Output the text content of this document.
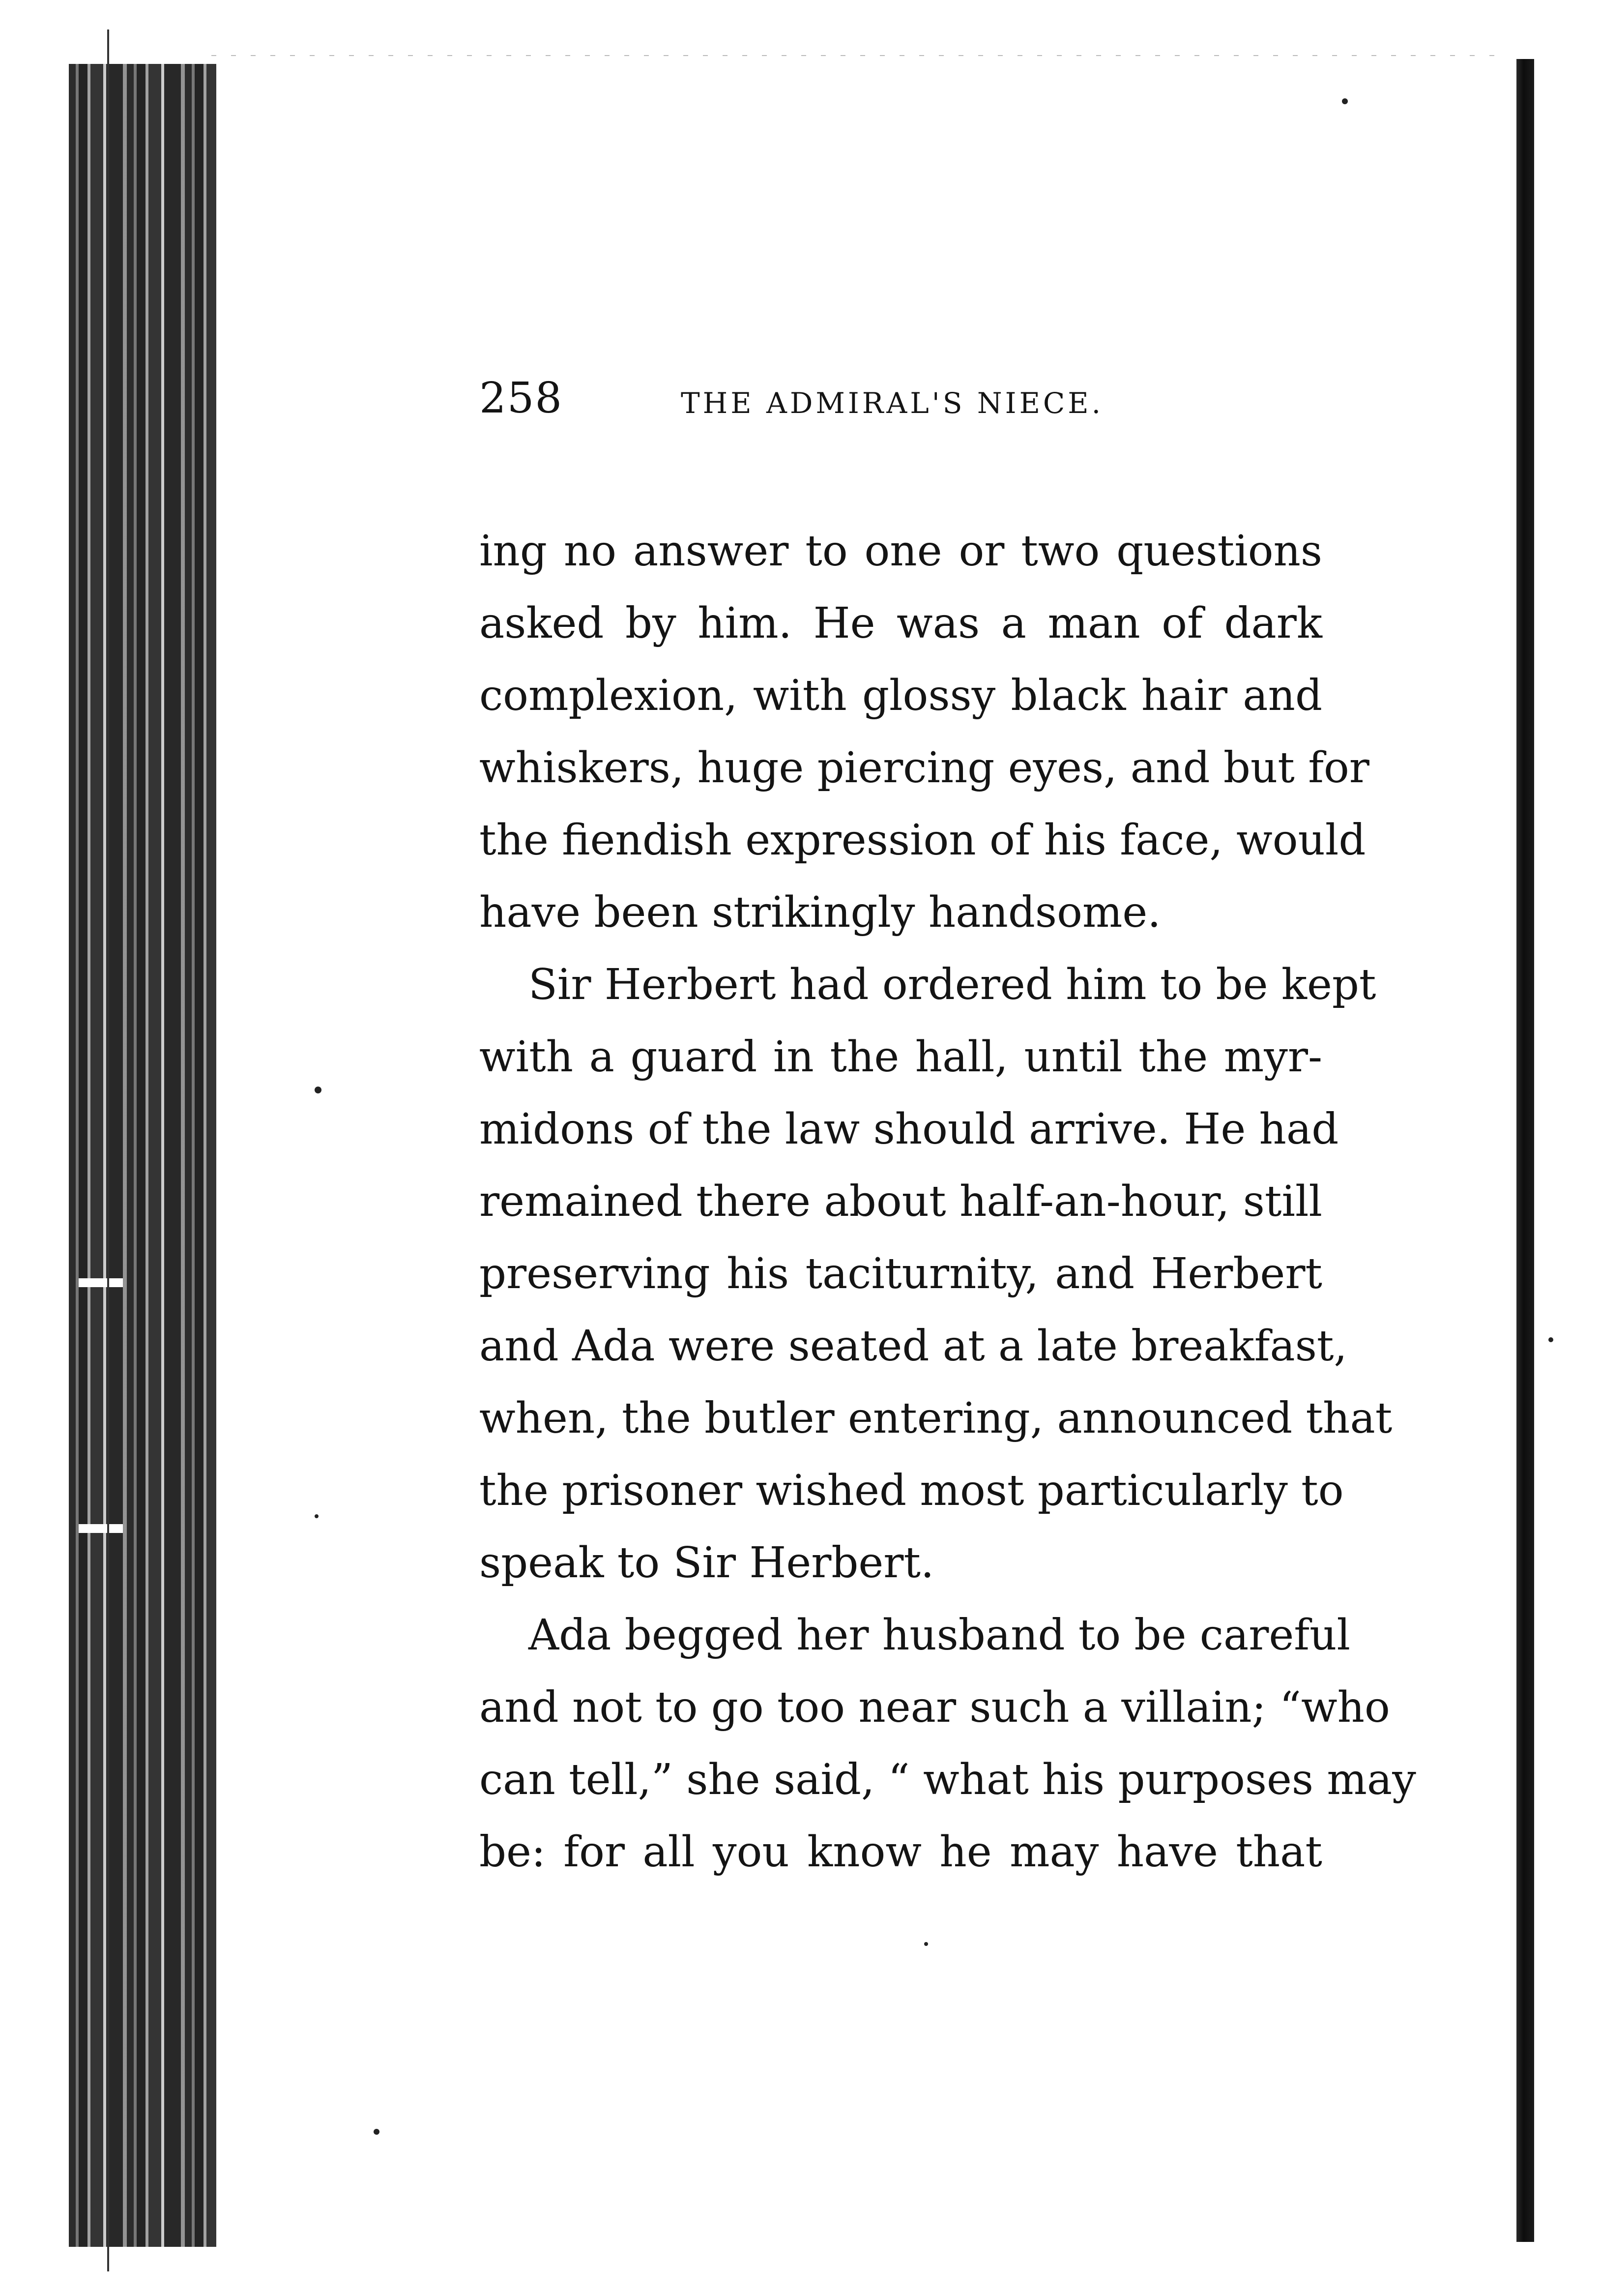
258	THE ADMIRAL'S NIECE.
ing no answer to one or two questions
asked by him. He was a man of dark
complexion, with glossy black hair and
whiskers, huge piercing eyes, and but for
the fiendish expression of his face, would
have been strikingly handsome.
Sir Herbert had ordered him to be kept
with a guard in the hall, until the myr-
midons of the law should arrive. He had
remained there about half-an-hour, still
preserving his taciturnity, and Herbert
and Ada were seated at a late breakfast,
when, the butler entering, announced that
the prisoner wished most particularly to
speak to Sir Herbert.
Ada begged her husband to be careful
and not to go too near such a villain; “who
can tell,” she said, “ what his purposes may
be: for all you know he may have that
